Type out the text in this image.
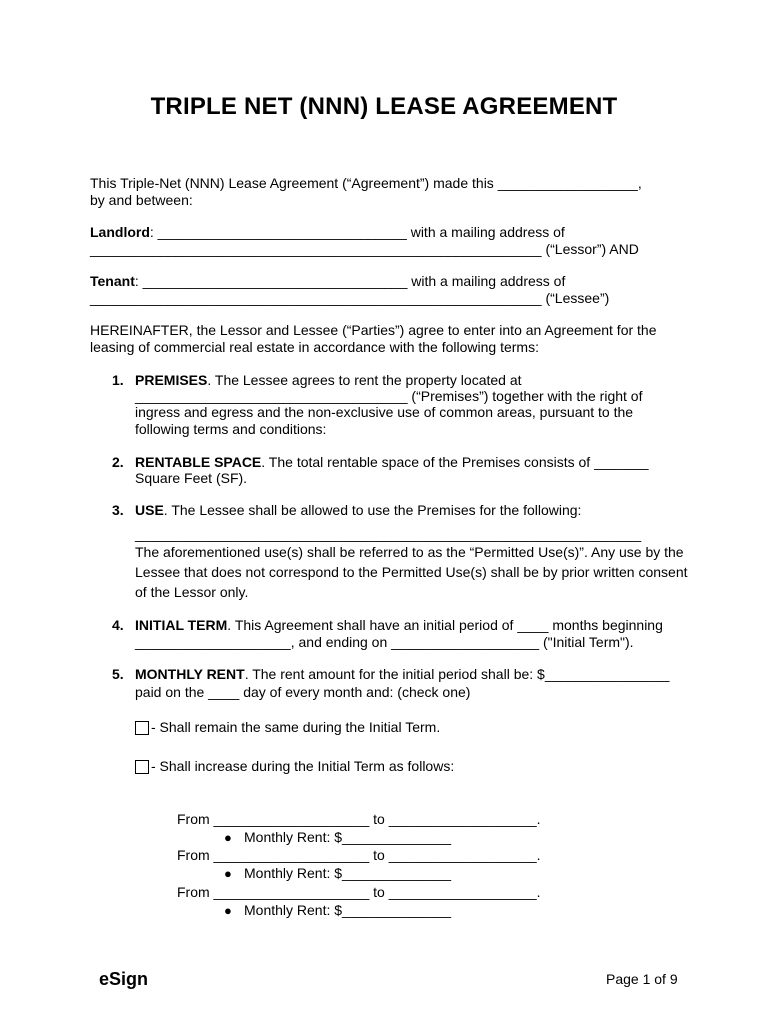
TRIPLE NET (NNN) LEASE AGREEMENT
This Triple-Net (NNN) Lease Agreement (“Agreement”) made this __________________,
by and between:
Landlord: ________________________________ with a mailing address of
__________________________________________________________ (“Lessor”) AND
Tenant: __________________________________ with a mailing address of
__________________________________________________________ (“Lessee”)
HEREINAFTER, the Lessor and Lessee (“Parties”) agree to enter into an Agreement for the
leasing of commercial real estate in accordance with the following terms:
1. PREMISES. The Lessee agrees to rent the property located at
___________________________________ (“Premises”) together with the right of
ingress and egress and the non-exclusive use of common areas, pursuant to the
following terms and conditions:
2. RENTABLE SPACE. The total rentable space of the Premises consists of _______
Square Feet (SF).
3. USE. The Lessee shall be allowed to use the Premises for the following:
_________________________________________________________________
The aforementioned use(s) shall be referred to as the “Permitted Use(s)”. Any use by the
Lessee that does not correspond to the Permitted Use(s) shall be by prior written consent
of the Lessor only.
4. INITIAL TERM. This Agreement shall have an initial period of ____ months beginning
____________________, and ending on ___________________ ("Initial Term").
5. MONTHLY RENT. The rent amount for the initial period shall be: $________________
paid on the ____ day of every month and: (check one)
- Shall remain the same during the Initial Term.
- Shall increase during the Initial Term as follows:
From ____________________ to ___________________.
● Monthly Rent: $______________
From ____________________ to ___________________.
● Monthly Rent: $______________
From ____________________ to ___________________.
● Monthly Rent: $______________
eSign	Page 1 of 9
